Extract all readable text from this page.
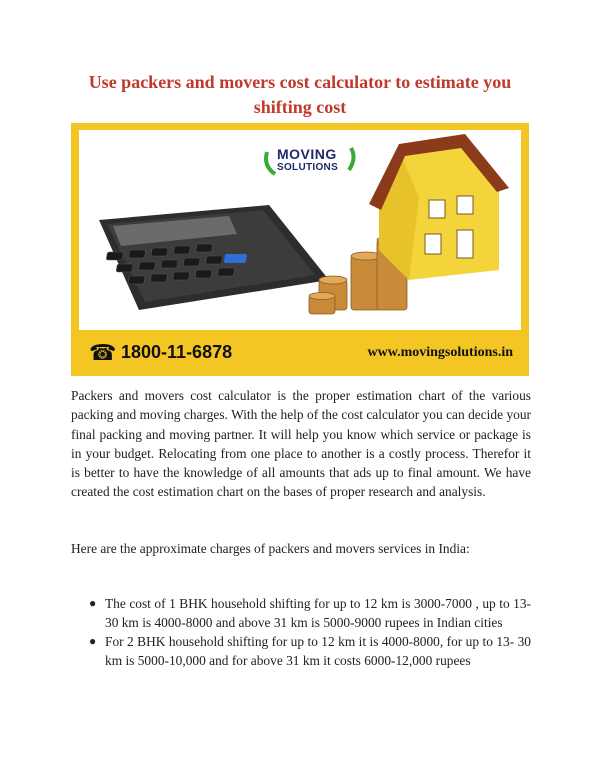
Use packers and movers cost calculator to estimate you shifting cost
MOVING
SOLUTIONS
☎ 1800-11-6878	www.movingsolutions.in

Packers and movers cost calculator is the proper estimation chart of the various packing and moving charges. With the help of the cost calculator you can decide your final packing and moving partner. It will help you know which service or package is in your budget. Relocating from one place to another is a costly process. Therefor it is better to have the knowledge of all amounts that ads up to final amount. We have created the cost estimation chart on the bases of proper research and analysis.

Here are the approximate charges of packers and movers services in India:

● The cost of 1 BHK household shifting for up to 12 km is 3000-7000 , up to 13-30 km is 4000-8000 and above 31 km is 5000-9000 rupees in Indian cities
● For 2 BHK household shifting for up to 12 km it is 4000-8000, for up to 13- 30 km is 5000-10,000 and for above 31 km it costs 6000-12,000 rupees
